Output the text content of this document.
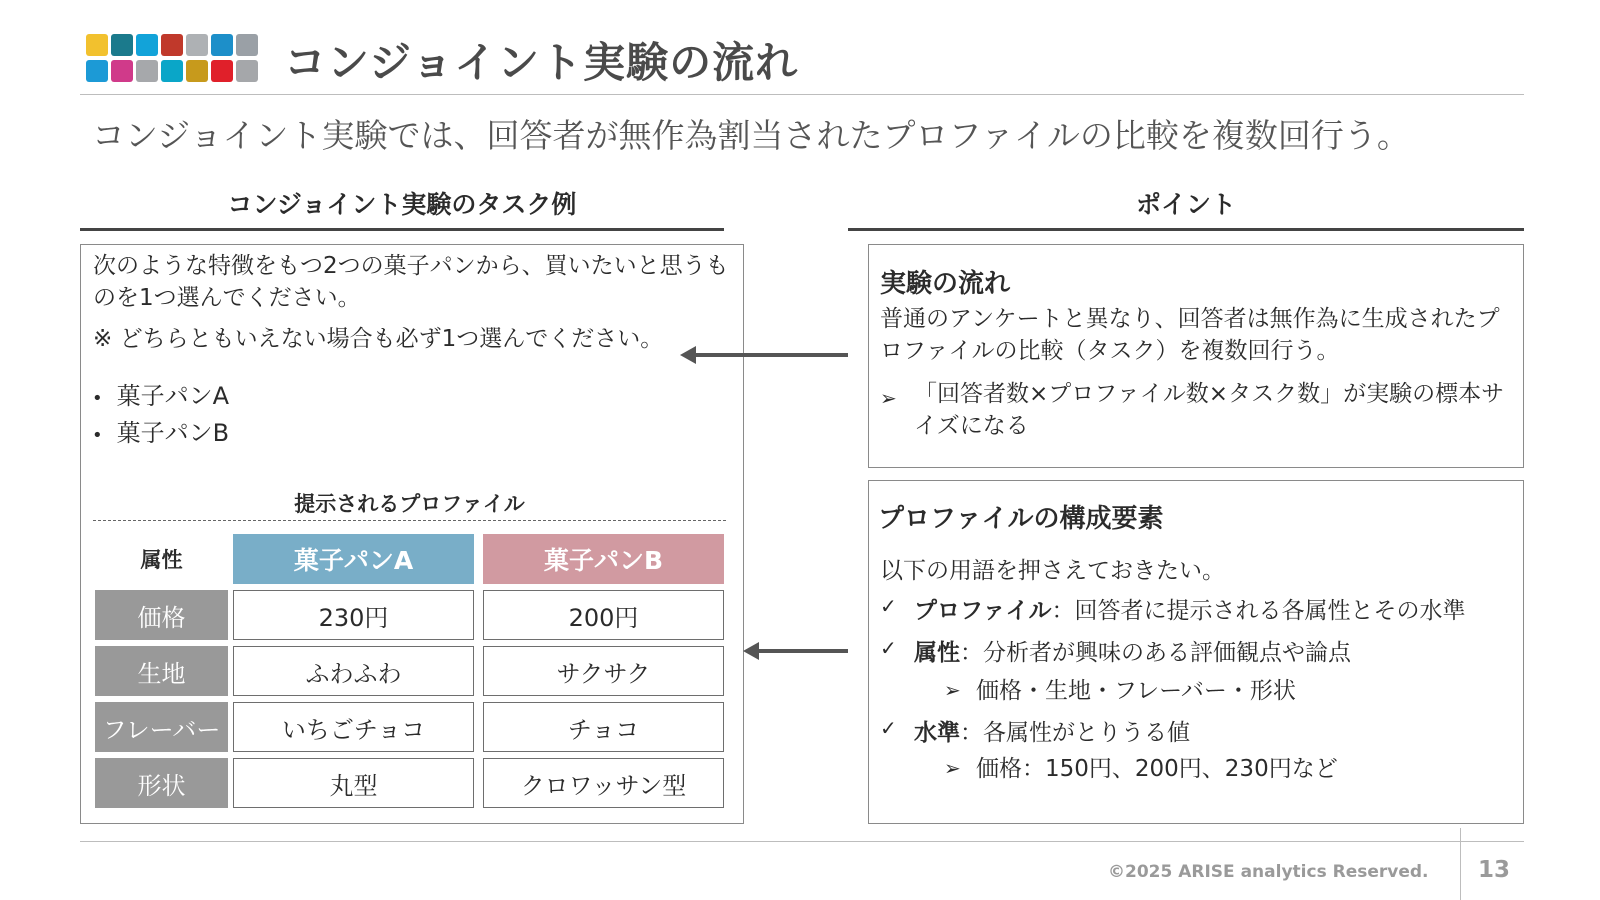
コンジョイント実験の流れ
コンジョイント実験では、回答者が無作為割当されたプロファイルの比較を複数回行う。
コンジョイント実験のタスク例	ポイント
次のような特徴をもつ2つの菓子パンから、買いたいと思うものを1つ選んでください。
※ どちらともいえない場合も必ず1つ選んでください。
• 菓子パンA
• 菓子パンB
提示されるプロファイル
属性	菓子パンA	菓子パンB
価格	230円	200円
生地	ふわふわ	サクサク
フレーバー	いちごチョコ	チョコ
形状	丸型	クロワッサン型
実験の流れ
普通のアンケートと異なり、回答者は無作為に生成されたプロファイルの比較（タスク）を複数回行う。
➢ 「回答者数×プロファイル数×タスク数」が実験の標本サイズになる
プロファイルの構成要素
以下の用語を押さえておきたい。
✓ プロファイル：回答者に提示される各属性とその水準
✓ 属性：分析者が興味のある評価観点や論点
➢ 価格・生地・フレーバー・形状
✓ 水準：各属性がとりうる値
➢ 価格：150円、200円、230円など
©2025 ARISE analytics Reserved. 13
